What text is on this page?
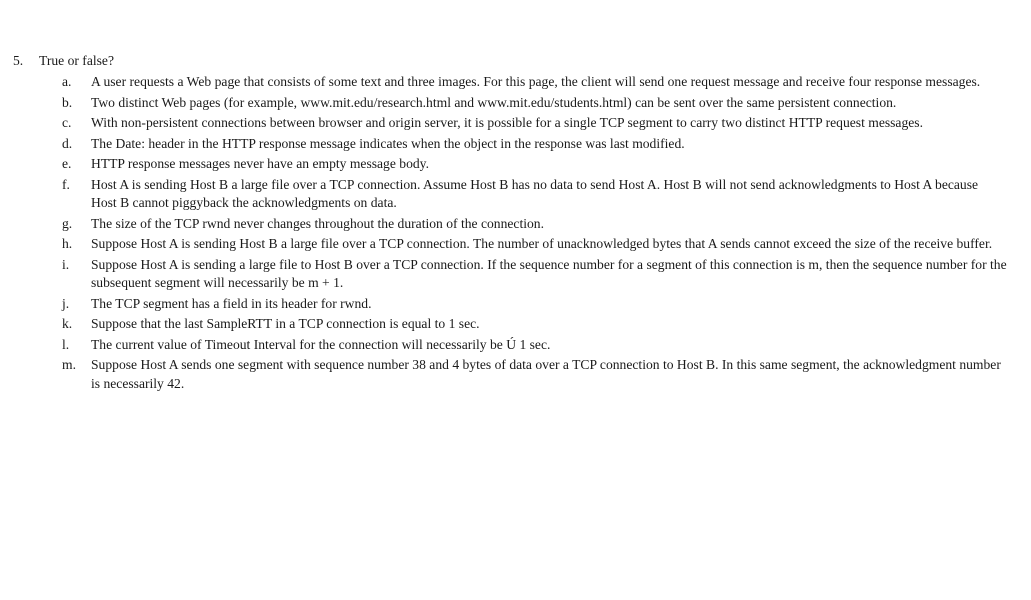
5. True or false?
a.	A user requests a Web page that consists of some text and three images. For this page, the client will send one request message and receive four response messages.
b.	Two distinct Web pages (for example, www.mit.edu/research.html and www.mit.edu/students.html) can be sent over the same persistent connection.
c.	With non-persistent connections between browser and origin server, it is possible for a single TCP segment to carry two distinct HTTP request messages.
d.	The Date: header in the HTTP response message indicates when the object in the response was last modified.
e.	HTTP response messages never have an empty message body.
f.	Host A is sending Host B a large file over a TCP connection. Assume Host B has no data to send Host A. Host B will not send acknowledgments to Host A because Host B cannot piggyback the acknowledgments on data.
g.	The size of the TCP rwnd never changes throughout the duration of the connection.
h.	Suppose Host A is sending Host B a large file over a TCP connection. The number of unacknowledged bytes that A sends cannot exceed the size of the receive buffer.
i.	Suppose Host A is sending a large file to Host B over a TCP connection. If the sequence number for a segment of this connection is m, then the sequence number for the subsequent segment will necessarily be m + 1.
j.	The TCP segment has a field in its header for rwnd.
k.	Suppose that the last SampleRTT in a TCP connection is equal to 1 sec.
l.	The current value of Timeout Interval for the connection will necessarily be Ú 1 sec.
m.	Suppose Host A sends one segment with sequence number 38 and 4 bytes of data over a TCP connection to Host B. In this same segment, the acknowledgment number is necessarily 42.
